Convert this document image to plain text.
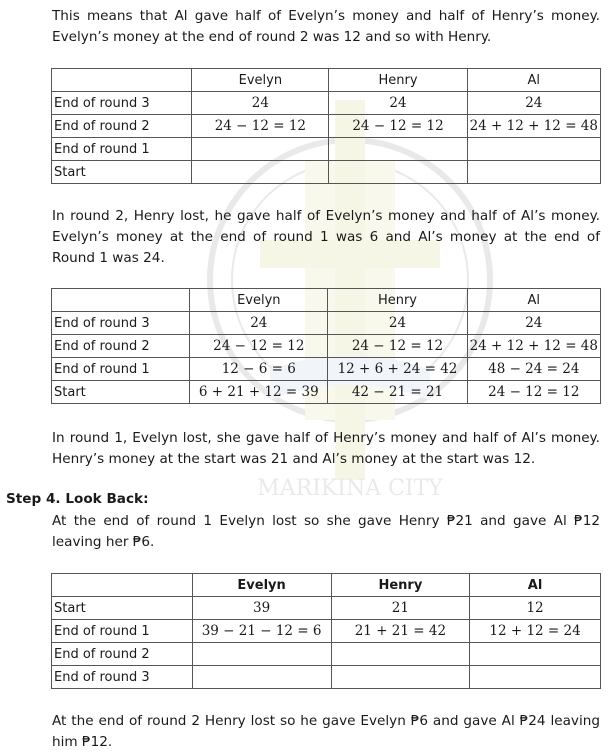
MARIKINA CITY
This means that Al gave half of Evelyn’s money and half of Henry’s money. Evelyn’s money at the end of round 2 was 12 and so with Henry.
	Evelyn	Henry	Al
End of round 3	24	24	24
End of round 2	24 − 12 = 12	24 − 12 = 12	24 + 12 + 12 = 48
End of round 1			
Start			
In round 2, Henry lost, he gave half of Evelyn’s money and half of Al’s money. Evelyn’s money at the end of round 1 was 6 and Al’s money at the end of Round 1 was 24.
	Evelyn	Henry	Al
End of round 3	24	24	24
End of round 2	24 − 12 = 12	24 − 12 = 12	24 + 12 + 12 = 48
End of round 1	12 − 6 = 6	12 + 6 + 24 = 42	48 − 24 = 24
Start	6 + 21 + 12 = 39	42 − 21 = 21	24 − 12 = 12
In round 1, Evelyn lost, she gave half of Henry’s money and half of Al’s money. Henry’s money at the start was 21 and Al’s money at the start was 12.
Step 4. Look Back:
At the end of round 1 Evelyn lost so she gave Henry ₱21 and gave Al ₱12 leaving her ₱6.
	Evelyn	Henry	Al
Start	39	21	12
End of round 1	39 − 21 − 12 = 6	21 + 21 = 42	12 + 12 = 24
End of round 2			
End of round 3			
At the end of round 2 Henry lost so he gave Evelyn ₱6 and gave Al ₱24 leaving him ₱12.
